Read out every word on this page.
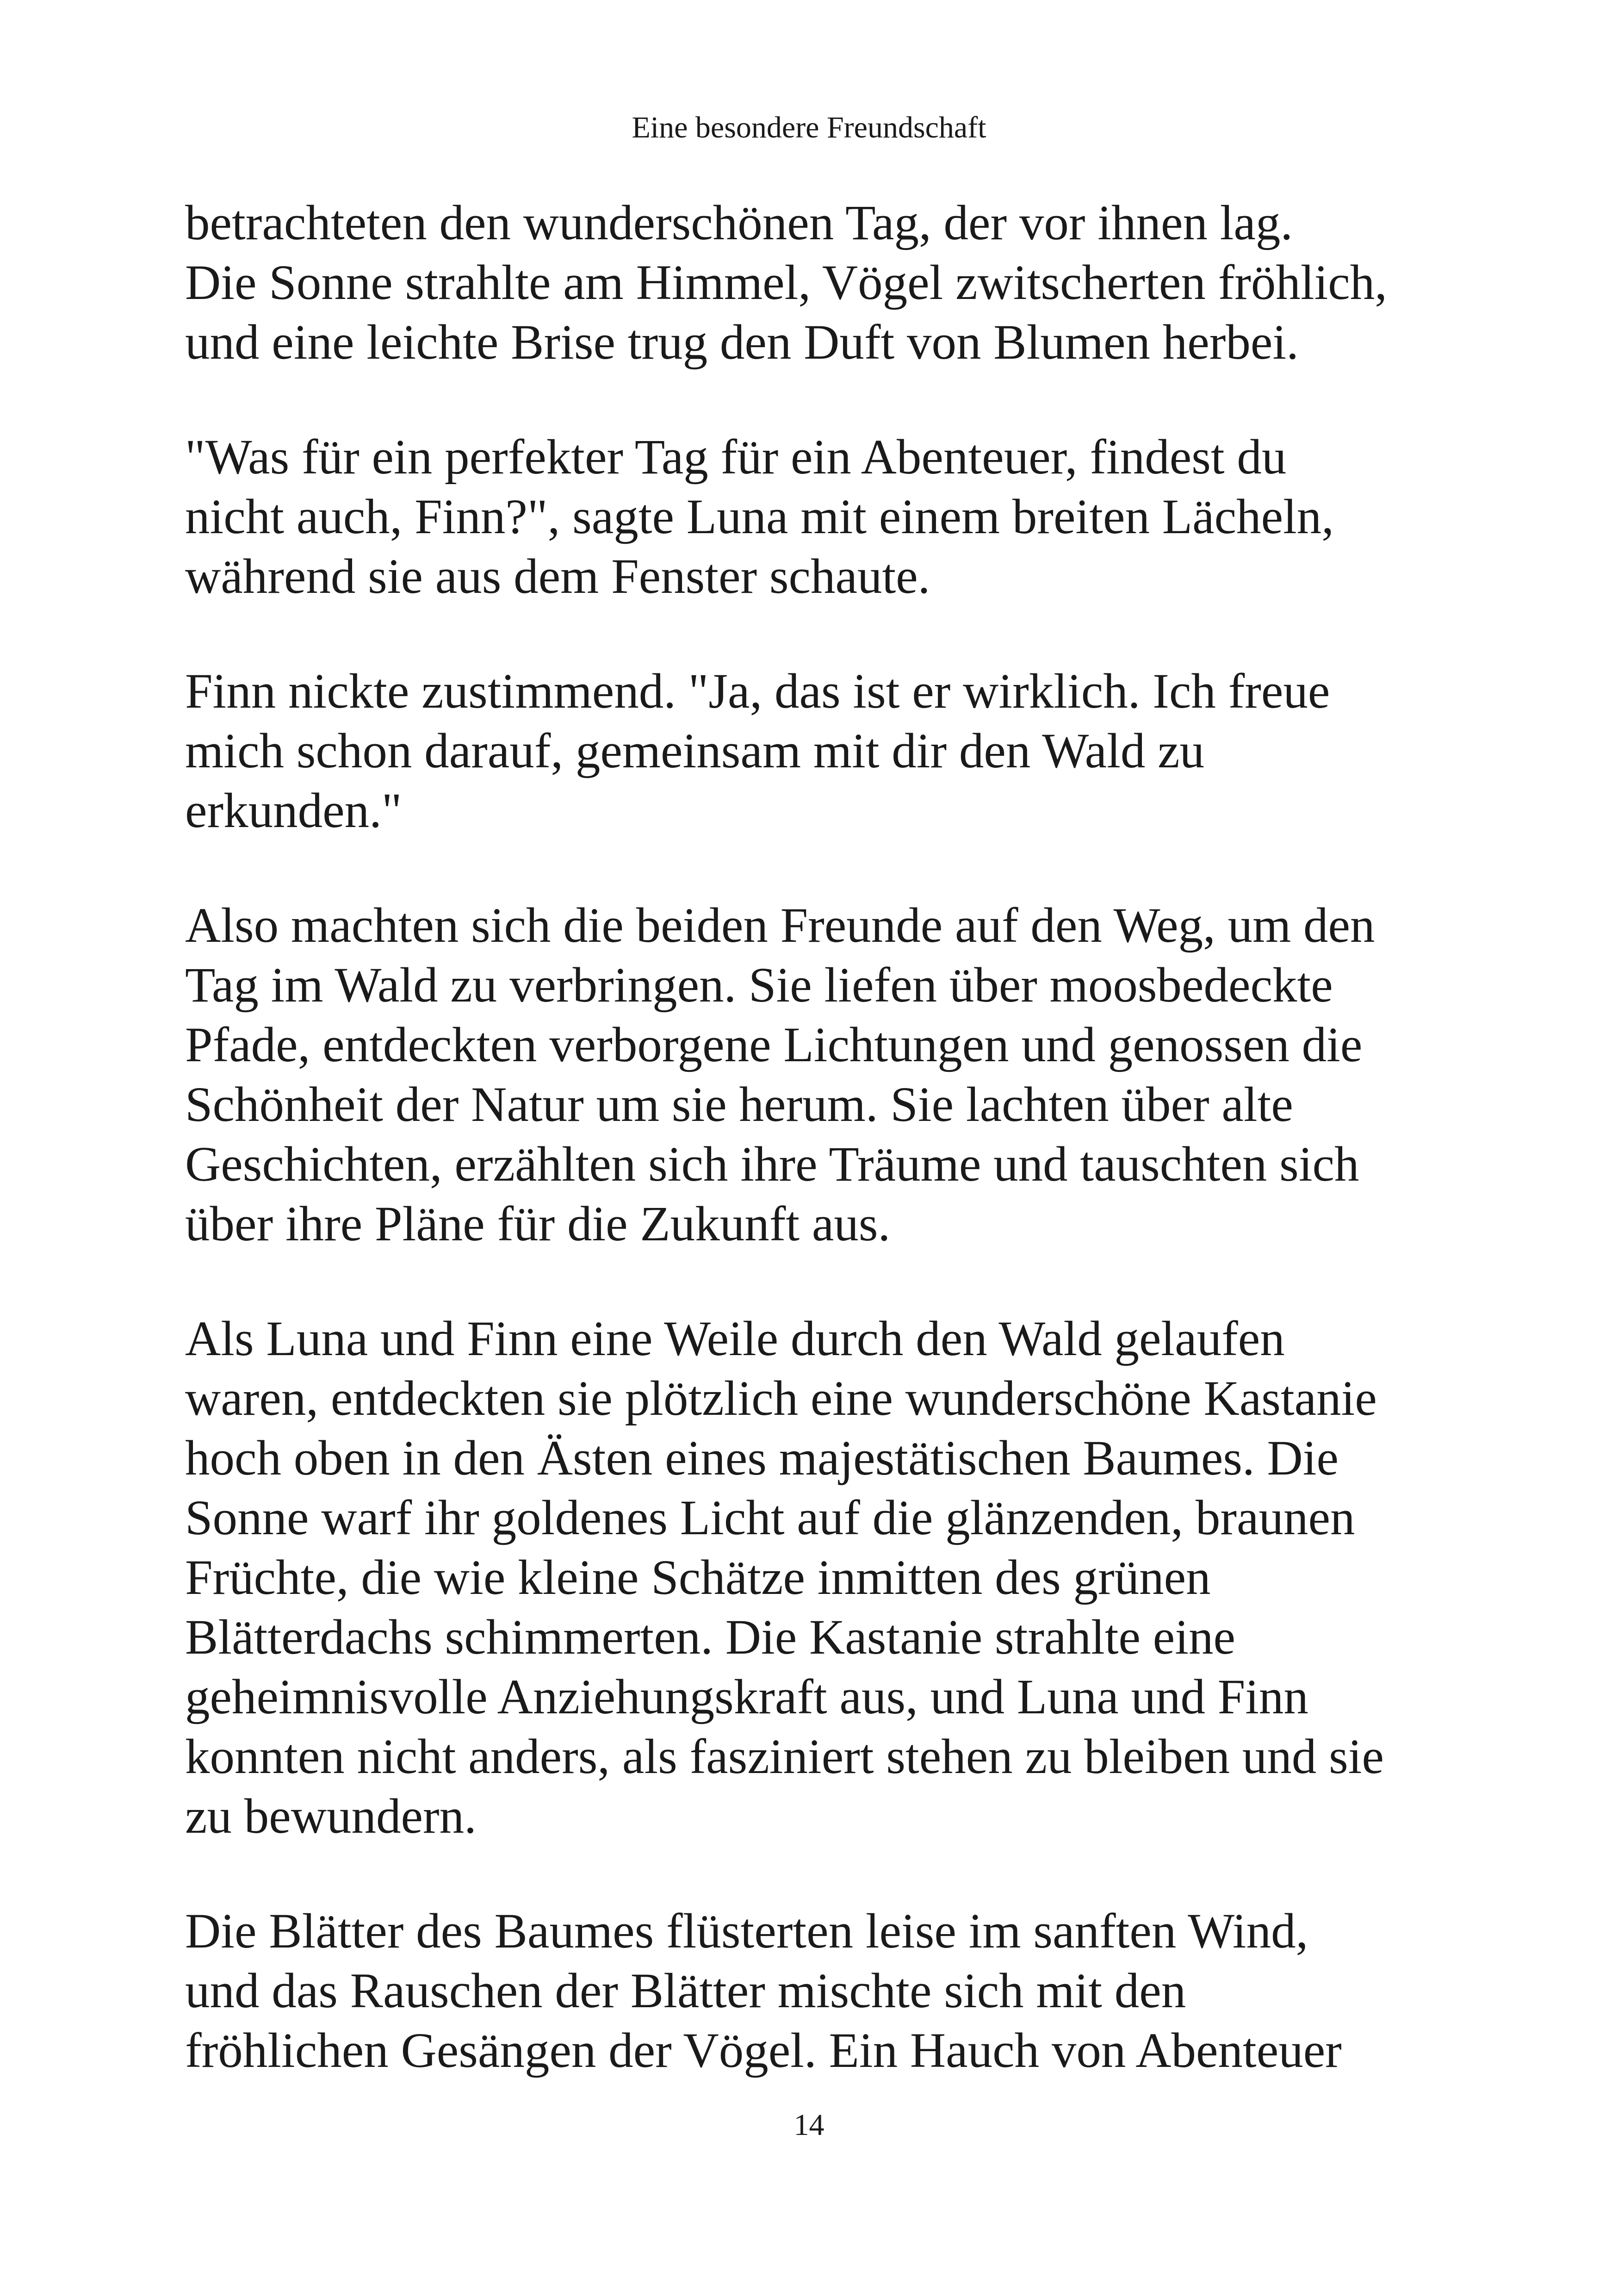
Eine besondere Freundschaft

betrachteten den wunderschönen Tag, der vor ihnen lag.
Die Sonne strahlte am Himmel, Vögel zwitscherten fröhlich,
und eine leichte Brise trug den Duft von Blumen herbei.

"Was für ein perfekter Tag für ein Abenteuer, findest du
nicht auch, Finn?", sagte Luna mit einem breiten Lächeln,
während sie aus dem Fenster schaute.

Finn nickte zustimmend. "Ja, das ist er wirklich. Ich freue
mich schon darauf, gemeinsam mit dir den Wald zu
erkunden."

Also machten sich die beiden Freunde auf den Weg, um den
Tag im Wald zu verbringen. Sie liefen über moosbedeckte
Pfade, entdeckten verborgene Lichtungen und genossen die
Schönheit der Natur um sie herum. Sie lachten über alte
Geschichten, erzählten sich ihre Träume und tauschten sich
über ihre Pläne für die Zukunft aus.

Als Luna und Finn eine Weile durch den Wald gelaufen
waren, entdeckten sie plötzlich eine wunderschöne Kastanie
hoch oben in den Ästen eines majestätischen Baumes. Die
Sonne warf ihr goldenes Licht auf die glänzenden, braunen
Früchte, die wie kleine Schätze inmitten des grünen
Blätterdachs schimmerten. Die Kastanie strahlte eine
geheimnisvolle Anziehungskraft aus, und Luna und Finn
konnten nicht anders, als fasziniert stehen zu bleiben und sie
zu bewundern.

Die Blätter des Baumes flüsterten leise im sanften Wind,
und das Rauschen der Blätter mischte sich mit den
fröhlichen Gesängen der Vögel. Ein Hauch von Abenteuer

14
